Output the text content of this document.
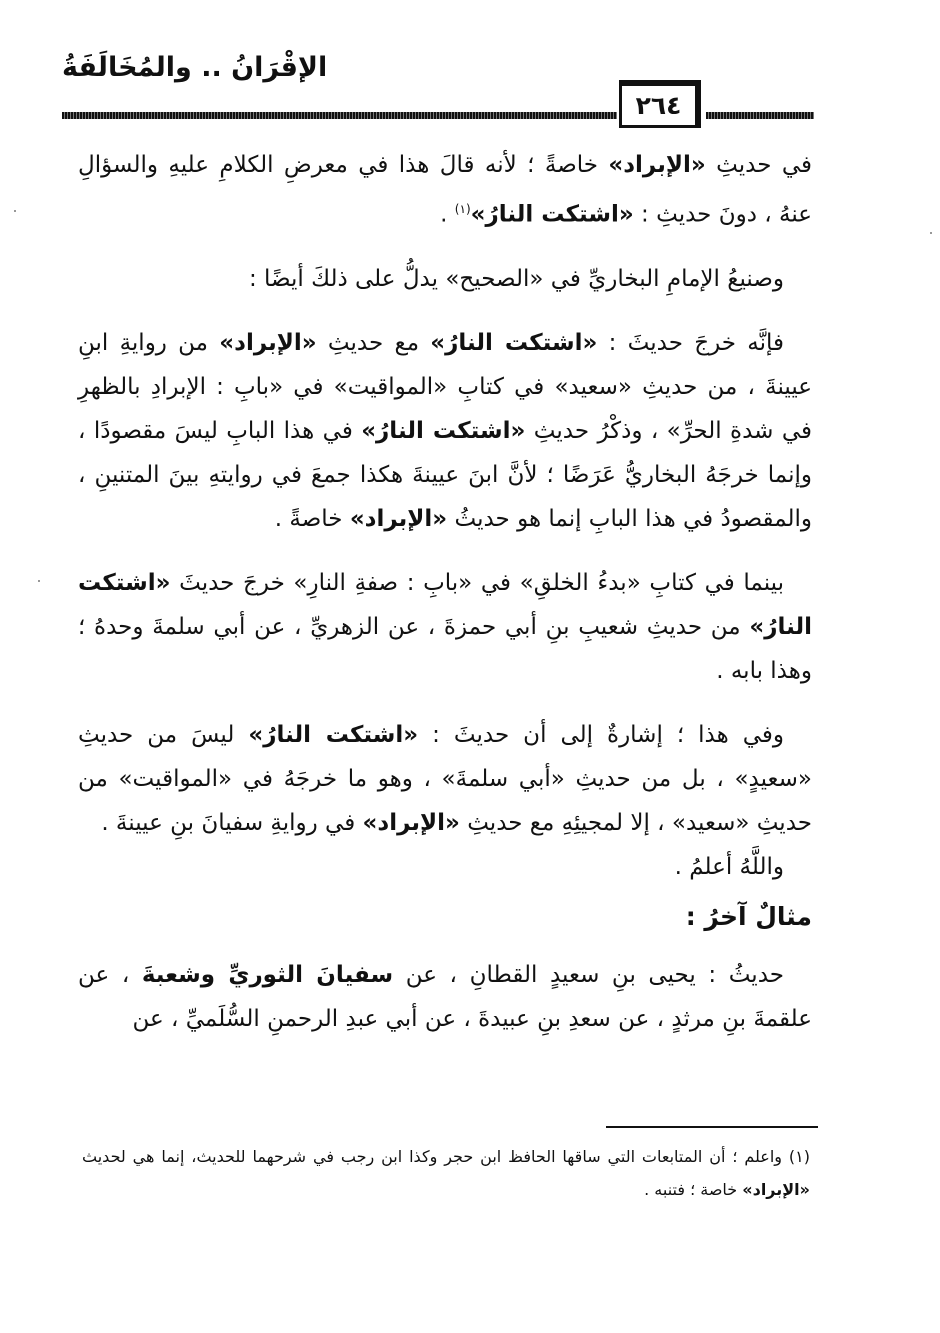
الإقْرَانُ .. والمُخَالَفَةُ
٢٦٤

في حديثِ «الإبراد» خاصةً ؛ لأنه قالَ هذا في معرضِ الكلامِ عليهِ والسؤالِ عنهُ ، دونَ حديثِ : «اشتكت النارُ»$^{(١)}$ .

وصنيعُ الإمامِ البخاريِّ في «الصحيح» يدلُّ على ذلكَ أيضًا :

فإنَّه خرجَ حديثَ : «اشتكت النارُ» مع حديثِ «الإبراد» من روايةِ ابنِ عيينةَ ، من حديثِ «سعيد» في كتابِ «المواقيت» في «بابِ : الإبرادِ بالظهرِ في شدةِ الحرِّ» ، وذكْرُ حديثِ «اشتكت النارُ» في هذا البابِ ليسَ مقصودًا ، وإنما خرجَهُ البخاريُّ عَرَضًا ؛ لأنَّ ابنَ عيينةَ هكذا جمعَ في روايتهِ بينَ المتنينِ ، والمقصودُ في هذا البابِ إنما هو حديثُ «الإبراد» خاصةً .

بينما في كتابِ «بدءُ الخلقِ» في «بابِ : صفةِ النارِ» خرجَ حديثَ «اشتكت النارُ» من حديثِ شعيبِ بنِ أبي حمزةَ ، عن الزهريِّ ، عن أبي سلمةَ وحدهُ ؛ وهذا بابه .

وفي هذا ؛ إشارةٌ إلى أن حديثَ : «اشتكت النارُ» ليسَ من حديثِ «سعيدٍ» ، بل من حديثِ «أبي سلمةَ» ، وهو ما خرجَهُ في «المواقيت» من حديثِ «سعيد» ، إلا لمجيئِهِ مع حديثِ «الإبراد» في روايةِ سفيانَ بنِ عيينةَ .

واللَّهُ أعلمُ .

مثالٌ آخرُ :

حديثُ : يحيى بنِ سعيدٍ القطانِ ، عن سفيانَ الثوريِّ وشعبةَ ، عن علقمةَ بنِ مرثدٍ ، عن سعدِ بنِ عبيدةَ ، عن أبي عبدِ الرحمنِ السُّلَميِّ ، عن

(١) واعلم ؛ أن المتابعات التي ساقها الحافظ ابن حجر وكذا ابن رجب في شرحهما للحديث، إنما هي لحديث «الإبراد» خاصة ؛ فتنبه .
